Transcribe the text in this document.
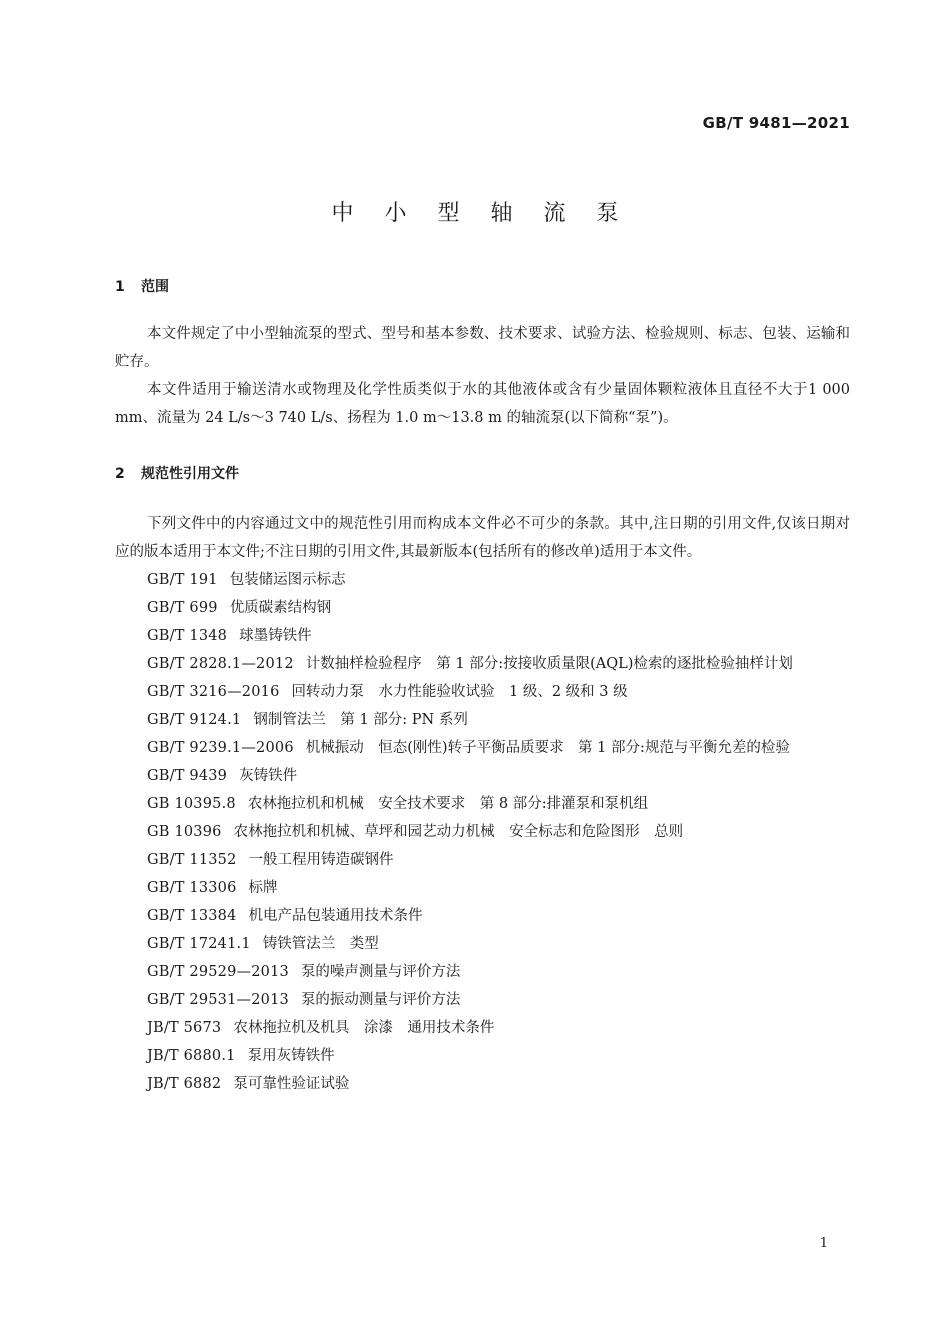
GB/T 9481—2021
中 小 型 轴 流 泵
1 范围

本文件规定了中小型轴流泵的型式、型号和基本参数、技术要求、试验方法、检验规则、标志、包装、运输和贮存。

本文件适用于输送清水或物理及化学性质类似于水的其他液体或含有少量固体颗粒液体且直径不大于1 000 mm、流量为 24 L/s～3 740 L/s、扬程为 1.0 m～13.8 m 的轴流泵(以下简称“泵”)。

2 规范性引用文件

下列文件中的内容通过文中的规范性引用而构成本文件必不可少的条款。其中,注日期的引用文件,仅该日期对应的版本适用于本文件;不注日期的引用文件,其最新版本(包括所有的修改单)适用于本文件。

GB/T 191 包装储运图示标志
GB/T 699 优质碳素结构钢
GB/T 1348 球墨铸铁件
GB/T 2828.1—2012 计数抽样检验程序　第 1 部分:按接收质量限(AQL)检索的逐批检验抽样计划
GB/T 3216—2016 回转动力泵　水力性能验收试验　1 级、2 级和 3 级
GB/T 9124.1 钢制管法兰　第 1 部分: PN 系列
GB/T 9239.1—2006 机械振动　恒态(刚性)转子平衡品质要求　第 1 部分:规范与平衡允差的检验
GB/T 9439 灰铸铁件
GB 10395.8 农林拖拉机和机械　安全技术要求　第 8 部分:排灌泵和泵机组
GB 10396 农林拖拉机和机械、草坪和园艺动力机械　安全标志和危险图形　总则
GB/T 11352 一般工程用铸造碳钢件
GB/T 13306 标牌
GB/T 13384 机电产品包装通用技术条件
GB/T 17241.1 铸铁管法兰　类型
GB/T 29529—2013 泵的噪声测量与评价方法
GB/T 29531—2013 泵的振动测量与评价方法
JB/T 5673 农林拖拉机及机具　涂漆　通用技术条件
JB/T 6880.1 泵用灰铸铁件
JB/T 6882 泵可靠性验证试验
1
